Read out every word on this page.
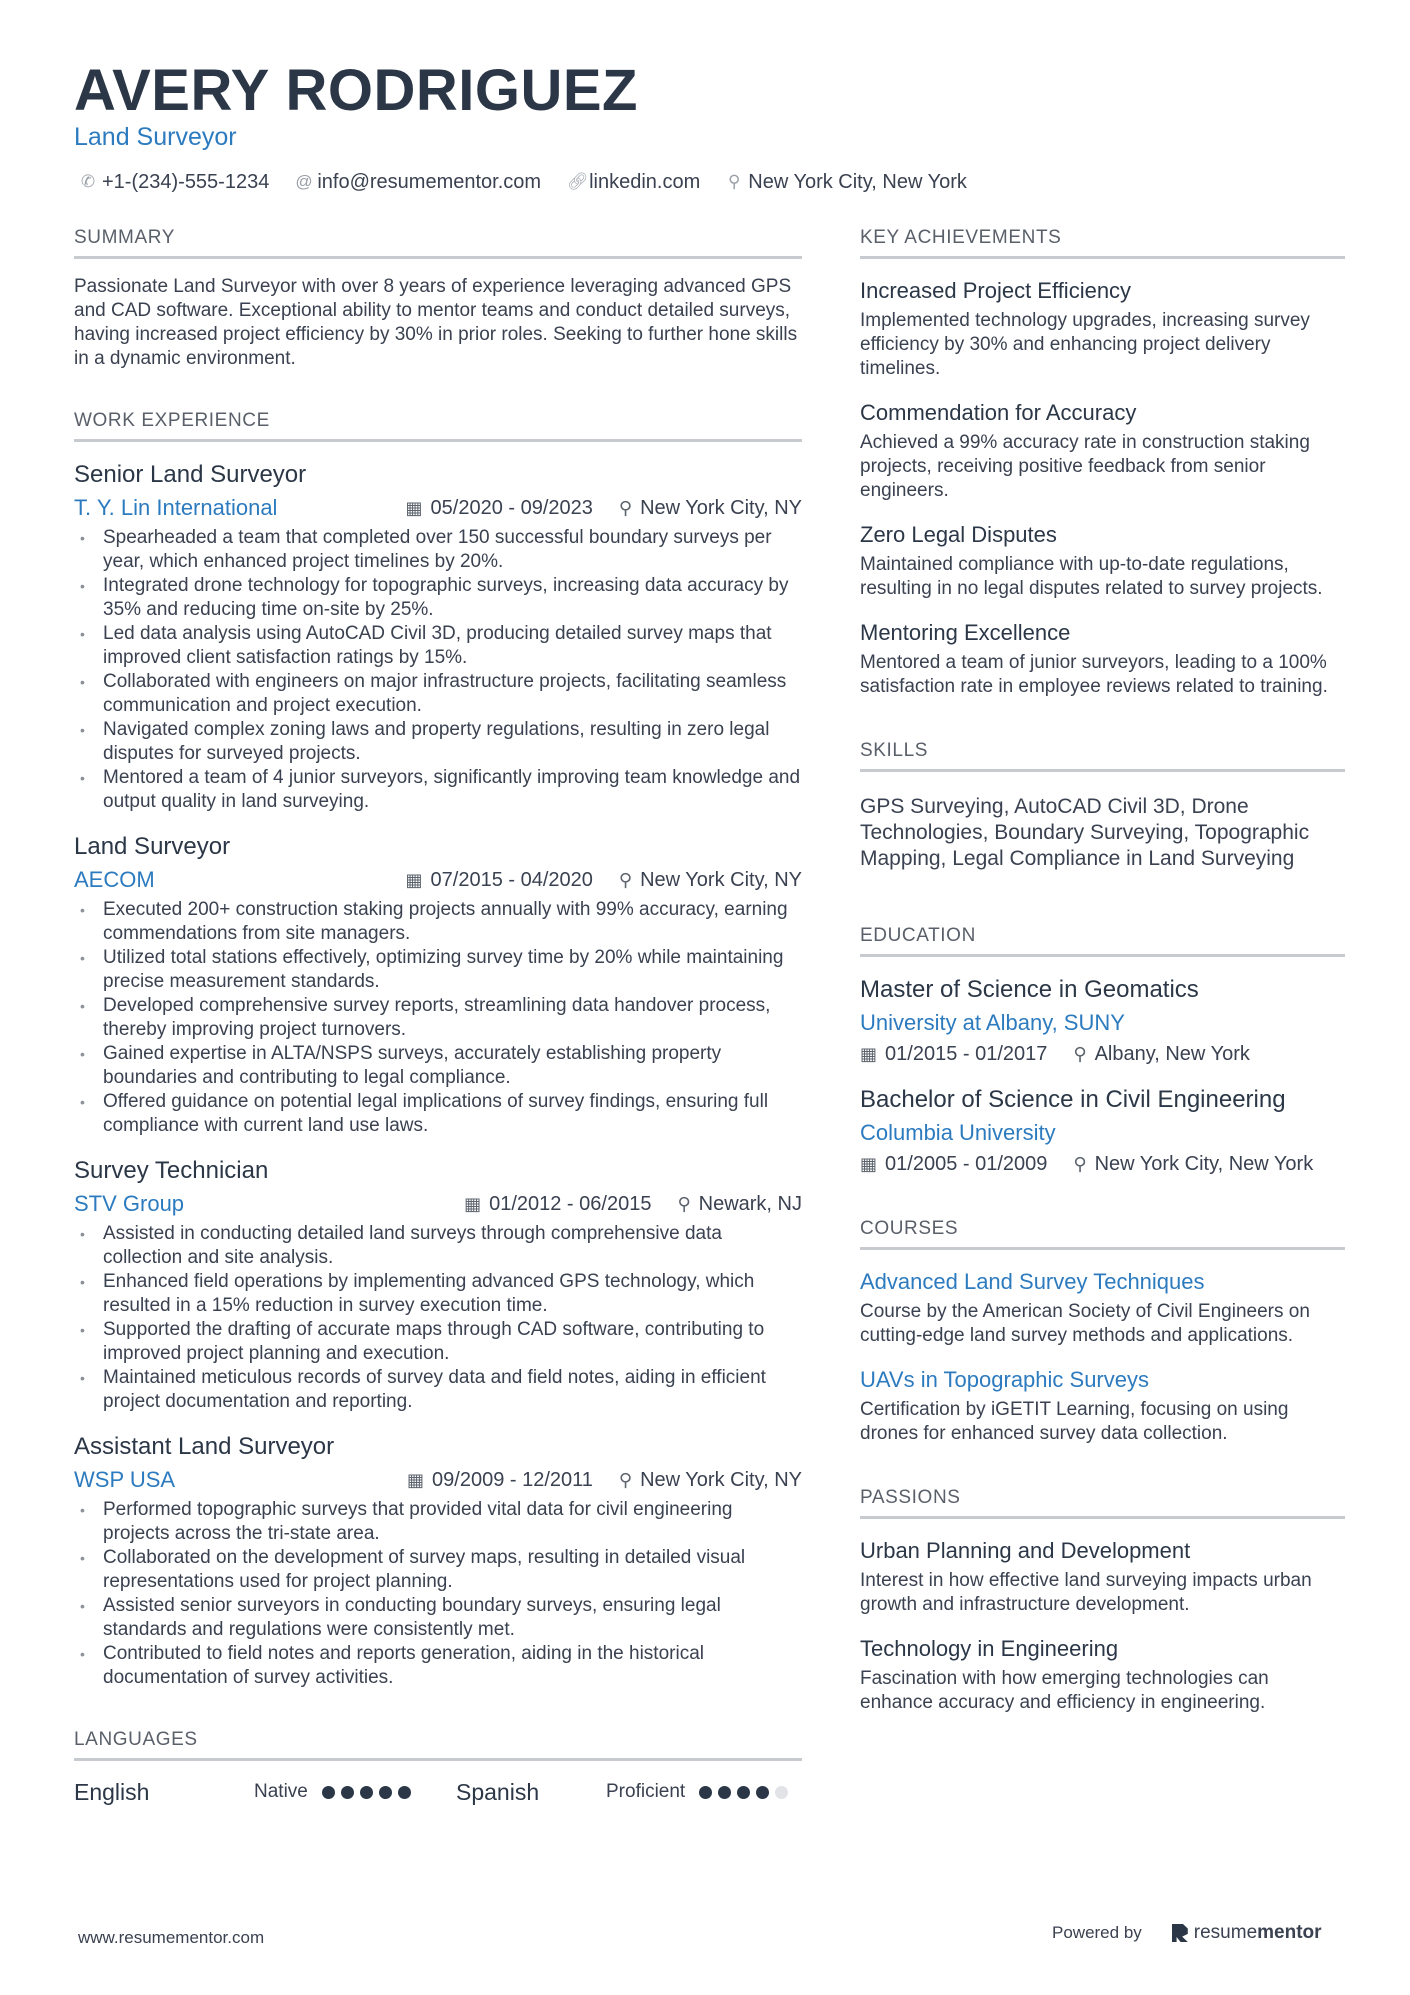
AVERY RODRIGUEZ
Land Surveyor
✆ +1-(234)-555-1234 @ info@resumementor.com 🔗︎ linkedin.com ⚲ New York City, New York
SUMMARY

Passionate Land Surveyor with over 8 years of experience leveraging advanced GPS and CAD software. Exceptional ability to mentor teams and conduct detailed surveys, having increased project efficiency by 30% in prior roles. Seeking to further hone skills in a dynamic environment.

WORK EXPERIENCE
Senior Land Surveyor
T. Y. Lin International	▦ 05/2020 - 09/2023 ⚲ New York City, NY
• Spearheaded a team that completed over 150 successful boundary surveys per year, which enhanced project timelines by 20%.
• Integrated drone technology for topographic surveys, increasing data accuracy by 35% and reducing time on-site by 25%.
• Led data analysis using AutoCAD Civil 3D, producing detailed survey maps that improved client satisfaction ratings by 15%.
• Collaborated with engineers on major infrastructure projects, facilitating seamless communication and project execution.
• Navigated complex zoning laws and property regulations, resulting in zero legal disputes for surveyed projects.
• Mentored a team of 4 junior surveyors, significantly improving team knowledge and output quality in land surveying.
Land Surveyor
AECOM	▦ 07/2015 - 04/2020 ⚲ New York City, NY
• Executed 200+ construction staking projects annually with 99% accuracy, earning commendations from site managers.
• Utilized total stations effectively, optimizing survey time by 20% while maintaining precise measurement standards.
• Developed comprehensive survey reports, streamlining data handover process, thereby improving project turnovers.
• Gained expertise in ALTA/NSPS surveys, accurately establishing property boundaries and contributing to legal compliance.
• Offered guidance on potential legal implications of survey findings, ensuring full compliance with current land use laws.
Survey Technician
STV Group	▦ 01/2012 - 06/2015 ⚲ Newark, NJ
• Assisted in conducting detailed land surveys through comprehensive data collection and site analysis.
• Enhanced field operations by implementing advanced GPS technology, which resulted in a 15% reduction in survey execution time.
• Supported the drafting of accurate maps through CAD software, contributing to improved project planning and execution.
• Maintained meticulous records of survey data and field notes, aiding in efficient project documentation and reporting.
Assistant Land Surveyor
WSP USA	▦ 09/2009 - 12/2011 ⚲ New York City, NY
• Performed topographic surveys that provided vital data for civil engineering projects across the tri-state area.
• Collaborated on the development of survey maps, resulting in detailed visual representations used for project planning.
• Assisted senior surveyors in conducting boundary surveys, ensuring legal standards and regulations were consistently met.
• Contributed to field notes and reports generation, aiding in the historical documentation of survey activities.
LANGUAGES
English	Native	Spanish	Proficient
KEY ACHIEVEMENTS
Increased Project Efficiency
Implemented technology upgrades, increasing survey efficiency by 30% and enhancing project delivery timelines.
Commendation for Accuracy
Achieved a 99% accuracy rate in construction staking projects, receiving positive feedback from senior engineers.
Zero Legal Disputes
Maintained compliance with up-to-date regulations, resulting in no legal disputes related to survey projects.
Mentoring Excellence
Mentored a team of junior surveyors, leading to a 100% satisfaction rate in employee reviews related to training.
SKILLS

GPS Surveying, AutoCAD Civil 3D, Drone Technologies, Boundary Surveying, Topographic Mapping, Legal Compliance in Land Surveying

EDUCATION
Master of Science in Geomatics
University at Albany, SUNY
▦ 01/2015 - 01/2017 ⚲ Albany, New York
Bachelor of Science in Civil Engineering
Columbia University
▦ 01/2005 - 01/2009 ⚲ New York City, New York
COURSES
Advanced Land Survey Techniques
Course by the American Society of Civil Engineers on cutting-edge land survey methods and applications.
UAVs in Topographic Surveys
Certification by iGETIT Learning, focusing on using drones for enhanced survey data collection.
PASSIONS
Urban Planning and Development
Interest in how effective land surveying impacts urban growth and infrastructure development.
Technology in Engineering
Fascination with how emerging technologies can enhance accuracy and efficiency in engineering.
www.resumementor.com	Powered by	resumementor
